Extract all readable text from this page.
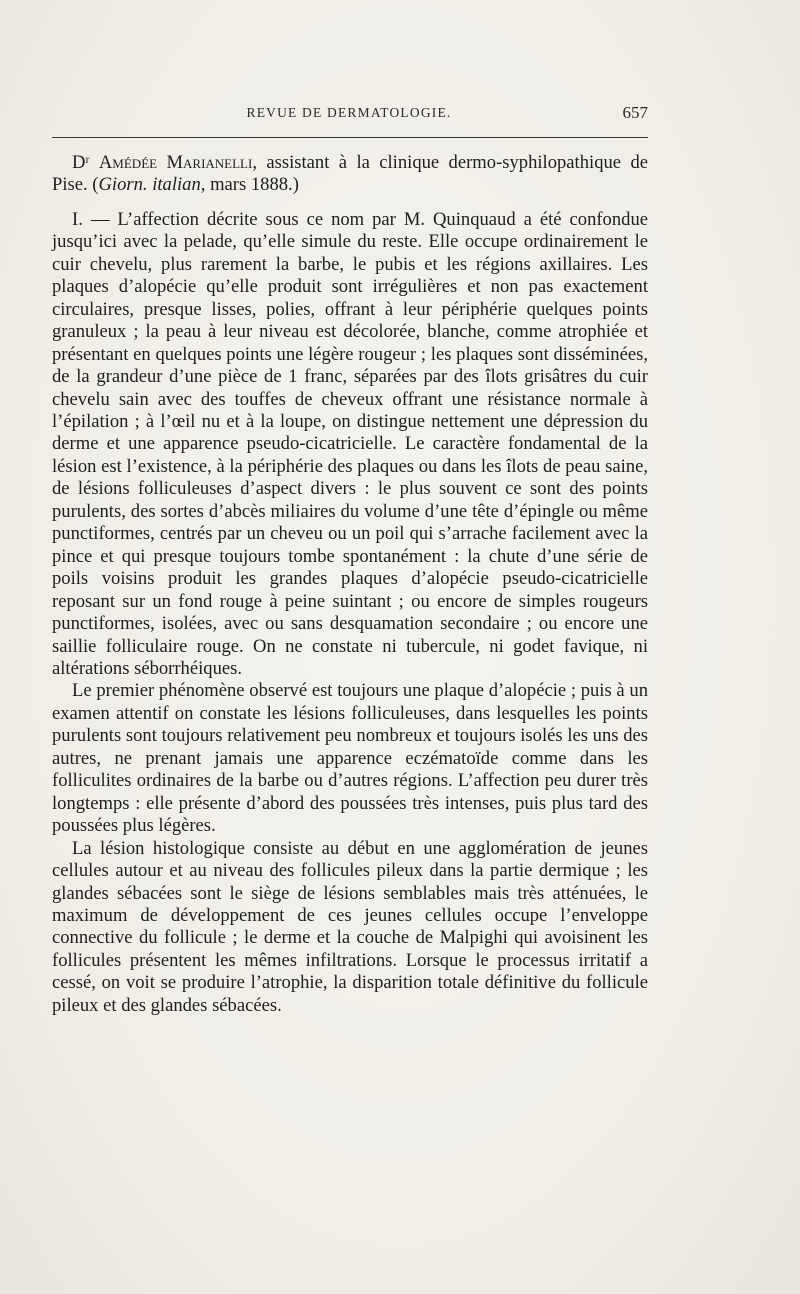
REVUE DE DERMATOLOGIE.	657

Dʳ Amédée Marianelli, assistant à la clinique dermo-syphilopathique de Pise. (Giorn. italian, mars 1888.)

I. — L’affection décrite sous ce nom par M. Quinquaud a été confondue jusqu’ici avec la pelade, qu’elle simule du reste. Elle occupe ordinairement le cuir chevelu, plus rarement la barbe, le pubis et les régions axillaires. Les plaques d’alopécie qu’elle produit sont irrégulières et non pas exactement circulaires, presque lisses, polies, offrant à leur périphérie quelques points granuleux ; la peau à leur niveau est décolorée, blanche, comme atrophiée et présentant en quelques points une légère rougeur ; les plaques sont disséminées, de la grandeur d’une pièce de 1 franc, séparées par des îlots grisâtres du cuir chevelu sain avec des touffes de cheveux offrant une résistance normale à l’épilation ; à l’œil nu et à la loupe, on distingue nettement une dépression du derme et une apparence pseudo-cicatricielle. Le caractère fondamental de la lésion est l’existence, à la périphérie des plaques ou dans les îlots de peau saine, de lésions folliculeuses d’aspect divers : le plus souvent ce sont des points purulents, des sortes d’abcès miliaires du volume d’une tête d’épingle ou même punctiformes, centrés par un cheveu ou un poil qui s’arrache facilement avec la pince et qui presque toujours tombe spontanément : la chute d’une série de poils voisins produit les grandes plaques d’alopécie pseudo-cicatricielle reposant sur un fond rouge à peine suintant ; ou encore de simples rougeurs punctiformes, isolées, avec ou sans desquamation secondaire ; ou encore une saillie folliculaire rouge. On ne constate ni tubercule, ni godet favique, ni altérations séborrhéiques.

Le premier phénomène observé est toujours une plaque d’alopécie ; puis à un examen attentif on constate les lésions folliculeuses, dans lesquelles les points purulents sont toujours relativement peu nombreux et toujours isolés les uns des autres, ne prenant jamais une apparence eczématoïde comme dans les folliculites ordinaires de la barbe ou d’autres régions. L’affection peu durer très longtemps : elle présente d’abord des poussées très intenses, puis plus tard des poussées plus légères.

La lésion histologique consiste au début en une agglomération de jeunes cellules autour et au niveau des follicules pileux dans la partie dermique ; les glandes sébacées sont le siège de lésions semblables mais très atténuées, le maximum de développement de ces jeunes cellules occupe l’enveloppe connective du follicule ; le derme et la couche de Malpighi qui avoisinent les follicules présentent les mêmes infiltrations. Lorsque le processus irritatif a cessé, on voit se produire l’atrophie, la disparition totale définitive du follicule pileux et des glandes sébacées.
